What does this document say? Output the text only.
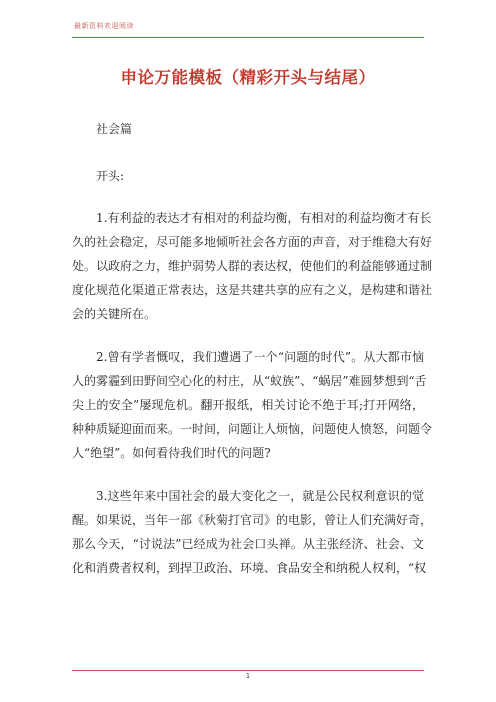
最新资料欢迎阅读
申论万能模板（精彩开头与结尾）
社会篇
开头:
1.有利益的表达才有相对的利益均衡，有相对的利益均衡才有长
久的社会稳定，尽可能多地倾听社会各方面的声音，对于维稳大有好
处。以政府之力，维护弱势人群的表达权，使他们的利益能够通过制
度化规范化渠道正常表达，这是共建共享的应有之义，是构建和谐社
会的关键所在。
2.曾有学者慨叹，我们遭遇了一个“问题的时代”。从大都市恼
人的雾霾到田野间空心化的村庄，从“蚁族”、“蜗居”难圆梦想到“舌
尖上的安全”屡现危机。翻开报纸，相关讨论不绝于耳;打开网络，
种种质疑迎面而来。一时间，问题让人烦恼，问题使人愤怒，问题令
人“绝望”。如何看待我们时代的问题?
3.这些年来中国社会的最大变化之一，就是公民权利意识的觉
醒。如果说，当年一部《秋菊打官司》的电影，曾让人们充满好奇，
那么今天，“讨说法”已经成为社会口头禅。从主张经济、社会、文
化和消费者权利，到捍卫政治、环境、食品安全和纳税人权利，“权
1
